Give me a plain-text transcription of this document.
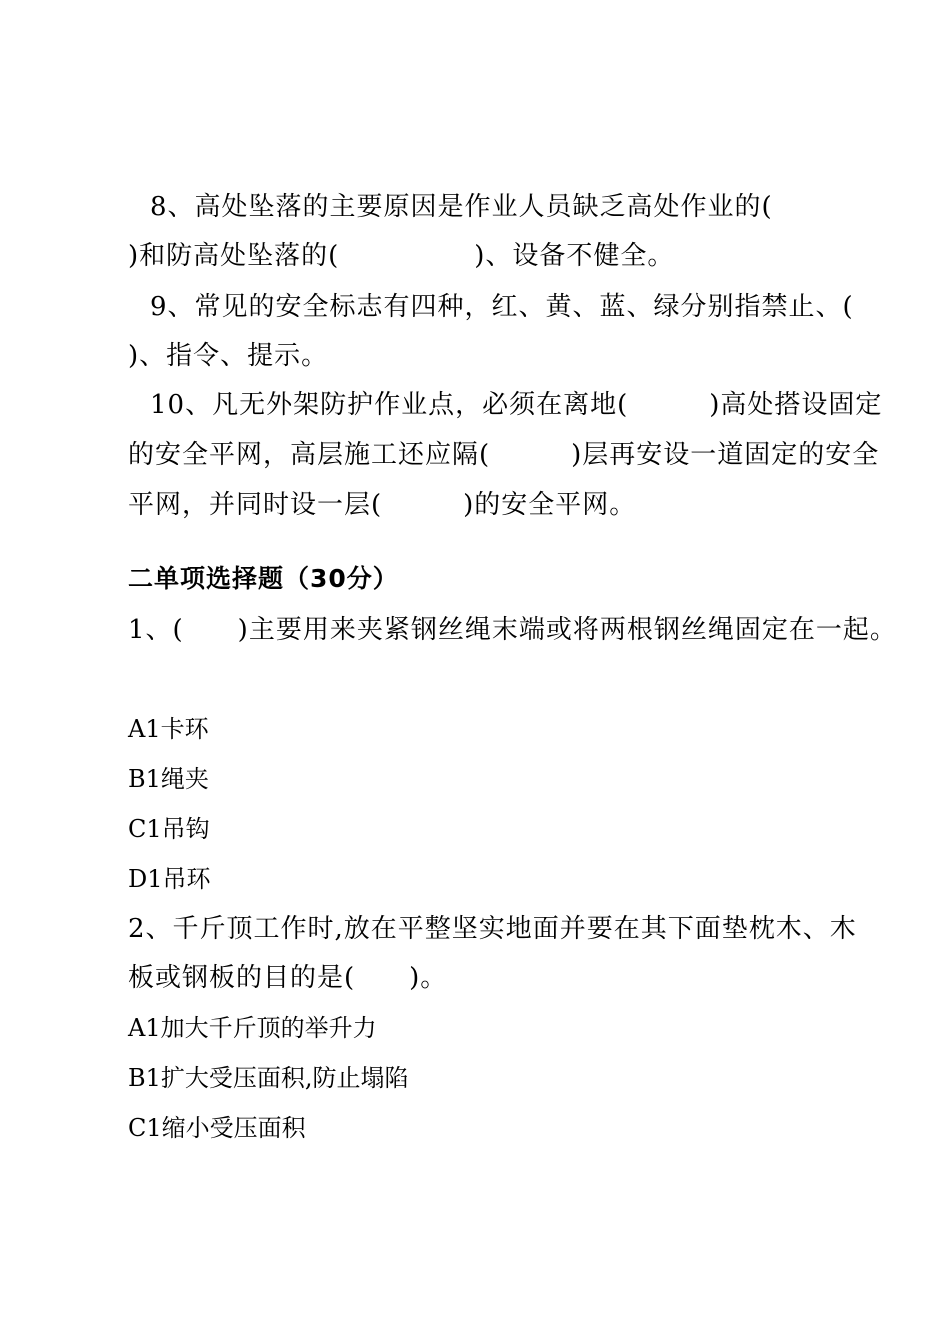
8、高处坠落的主要原因是作业人员缺乏高处作业的(
)和防高处坠落的(　　　　　)、设备不健全。
9、常见的安全标志有四种，红、黄、蓝、绿分别指禁止、(
)、指令、提示。
10、凡无外架防护作业点，必须在离地(　　　)高处搭设固定
的安全平网，高层施工还应隔(　　　)层再安设一道固定的安全
平网，并同时设一层(　　　)的安全平网。
二单项选择题（30分）
1、(　　)主要用来夹紧钢丝绳末端或将两根钢丝绳固定在一起。
A1卡环
B1绳夹
C1吊钩
D1吊环
2、千斤顶工作时,放在平整坚实地面并要在其下面垫枕木、木
板或钢板的目的是(　　)。
A1加大千斤顶的举升力
B1扩大受压面积,防止塌陷
C1缩小受压面积
